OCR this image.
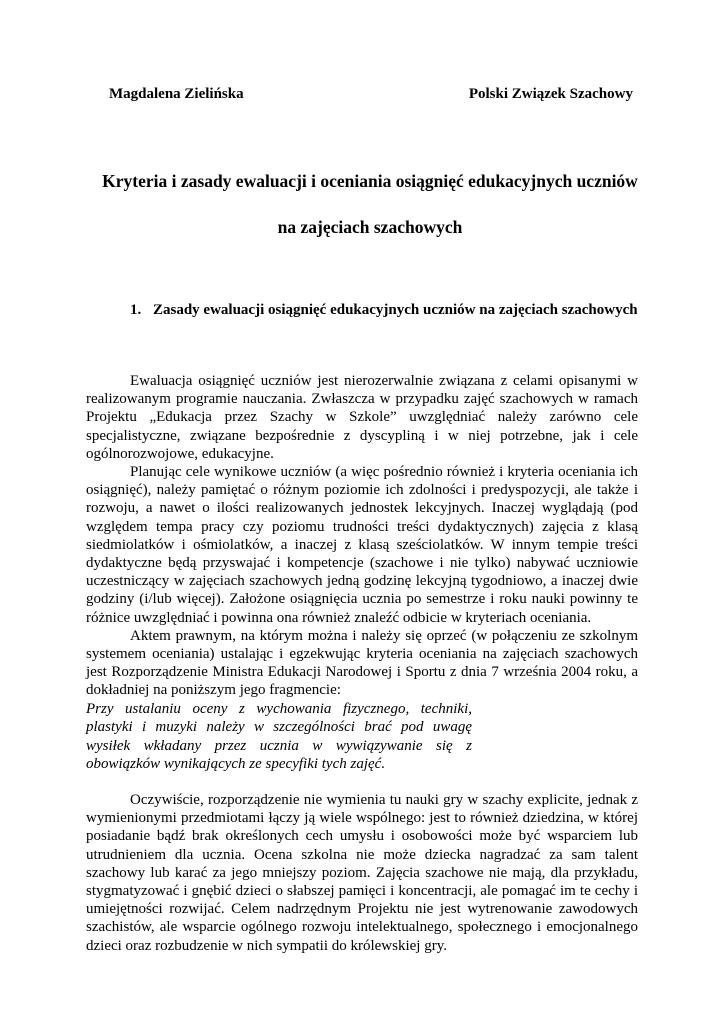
Magdalena Zielińska	Polski Związek Szachowy
Kryteria i zasady ewaluacji i oceniania osiągnięć edukacyjnych uczniów
na zajęciach szachowych
1. Zasady ewaluacji osiągnięć edukacyjnych uczniów na zajęciach szachowych

Ewaluacja osiągnięć uczniów jest nierozerwalnie związana z celami opisanymi w realizowanym programie nauczania. Zwłaszcza w przypadku zajęć szachowych w ramach Projektu „Edukacja przez Szachy w Szkole” uwzględniać należy zarówno cele specjalistyczne, związane bezpośrednie z dyscypliną i w niej potrzebne, jak i cele ogólnorozwojowe, edukacyjne.

Planując cele wynikowe uczniów (a więc pośrednio również i kryteria oceniania ich osiągnięć), należy pamiętać o różnym poziomie ich zdolności i predyspozycji, ale także i rozwoju, a nawet o ilości realizowanych jednostek lekcyjnych. Inaczej wyglądają (pod względem tempa pracy czy poziomu trudności treści dydaktycznych) zajęcia z klasą siedmiolatków i ośmiolatków, a inaczej z klasą sześciolatków. W innym tempie treści dydaktyczne będą przyswajać i kompetencje (szachowe i nie tylko) nabywać uczniowie uczestniczący w zajęciach szachowych jedną godzinę lekcyjną tygodniowo, a inaczej dwie godziny (i/lub więcej). Założone osiągnięcia ucznia po semestrze i roku nauki powinny te różnice uwzględniać i powinna ona również znaleźć odbicie w kryteriach oceniania.

Aktem prawnym, na którym można i należy się oprzeć (w połączeniu ze szkolnym systemem oceniania) ustalając i egzekwując kryteria oceniania na zajęciach szachowych jest Rozporządzenie Ministra Edukacji Narodowej i Sportu z dnia 7 września 2004 roku, a dokładniej na poniższym jego fragmencie:

Przy ustalaniu oceny z wychowania fizycznego, techniki, plastyki i muzyki należy w szczególności brać pod uwagę wysiłek wkładany przez ucznia w wywiązywanie się z obowiązków wynikających ze specyfiki tych zajęć.

Oczywiście, rozporządzenie nie wymienia tu nauki gry w szachy explicite, jednak z wymienionymi przedmiotami łączy ją wiele wspólnego: jest to również dziedzina, w której posiadanie bądź brak określonych cech umysłu i osobowości może być wsparciem lub utrudnieniem dla ucznia. Ocena szkolna nie może dziecka nagradzać za sam talent szachowy lub karać za jego mniejszy poziom. Zajęcia szachowe nie mają, dla przykładu, stygmatyzować i gnębić dzieci o słabszej pamięci i koncentracji, ale pomagać im te cechy i umiejętności rozwijać. Celem nadrzędnym Projektu nie jest wytrenowanie zawodowych szachistów, ale wsparcie ogólnego rozwoju intelektualnego, społecznego i emocjonalnego dzieci oraz rozbudzenie w nich sympatii do królewskiej gry.
